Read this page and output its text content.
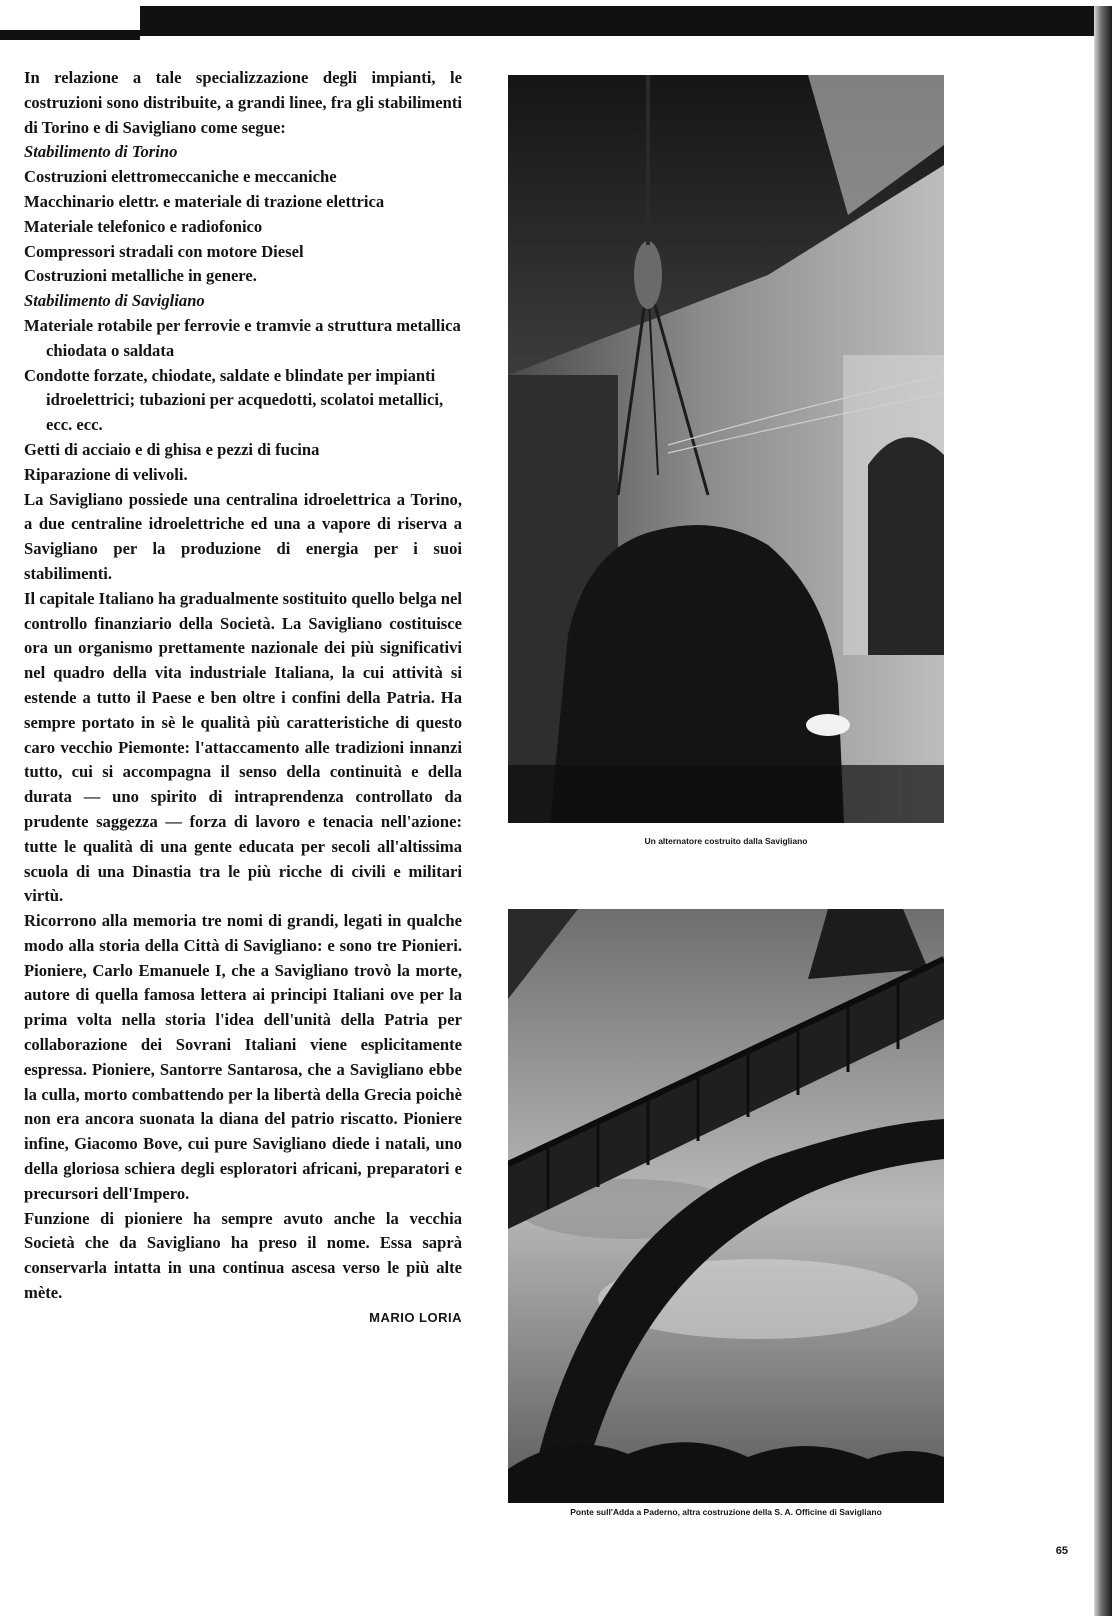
In relazione a tale specializzazione degli impianti, le costruzioni sono distribuite, a grandi linee, fra gli stabilimenti di Torino e di Savigliano come segue:

Stabilimento di Torino

Costruzioni elettromeccaniche e meccaniche

Macchinario elettr. e materiale di trazione elettrica

Materiale telefonico e radiofonico

Compressori stradali con motore Diesel

Costruzioni metalliche in genere.

Stabilimento di Savigliano

Materiale rotabile per ferrovie e tramvie a struttura metallica chiodata o saldata

Condotte forzate, chiodate, saldate e blindate per impianti idroelettrici; tubazioni per acquedotti, scolatoi metallici, ecc. ecc.

Getti di acciaio e di ghisa e pezzi di fucina

Riparazione di velivoli.

La Savigliano possiede una centralina idroelettrica a Torino, a due centraline idroelettriche ed una a vapore di riserva a Savigliano per la produzione di energia per i suoi stabilimenti.

Il capitale Italiano ha gradualmente sostituito quello belga nel controllo finanziario della Società. La Savigliano costituisce ora un organismo prettamente nazionale dei più significativi nel quadro della vita industriale Italiana, la cui attività si estende a tutto il Paese e ben oltre i confini della Patria. Ha sempre portato in sè le qualità più caratteristiche di questo caro vecchio Piemonte: l'attaccamento alle tradizioni innanzi tutto, cui si accompagna il senso della continuità e della durata — uno spirito di intraprendenza controllato da prudente saggezza — forza di lavoro e tenacia nell'azione: tutte le qualità di una gente educata per secoli all'altissima scuola di una Dinastia tra le più ricche di civili e militari virtù.

Ricorrono alla memoria tre nomi di grandi, legati in qualche modo alla storia della Città di Savigliano: e sono tre Pionieri. Pioniere, Carlo Emanuele I, che a Savigliano trovò la morte, autore di quella famosa lettera ai principi Italiani ove per la prima volta nella storia l'idea dell'unità della Patria per collaborazione dei Sovrani Italiani viene esplicitamente espressa. Pioniere, Santorre Santarosa, che a Savigliano ebbe la culla, morto combattendo per la libertà della Grecia poichè non era ancora suonata la diana del patrio riscatto. Pioniere infine, Giacomo Bove, cui pure Savigliano diede i natali, uno della gloriosa schiera degli esploratori africani, preparatori e precursori dell'Impero.

Funzione di pioniere ha sempre avuto anche la vecchia Società che da Savigliano ha preso il nome. Essa saprà conservarla intatta in una continua ascesa verso le più alte mète.

MARIO LORIA

Un alternatore costruito dalla Savigliano
Ponte sull'Adda a Paderno, altra costruzione della S. A. Officine di Savigliano
65
